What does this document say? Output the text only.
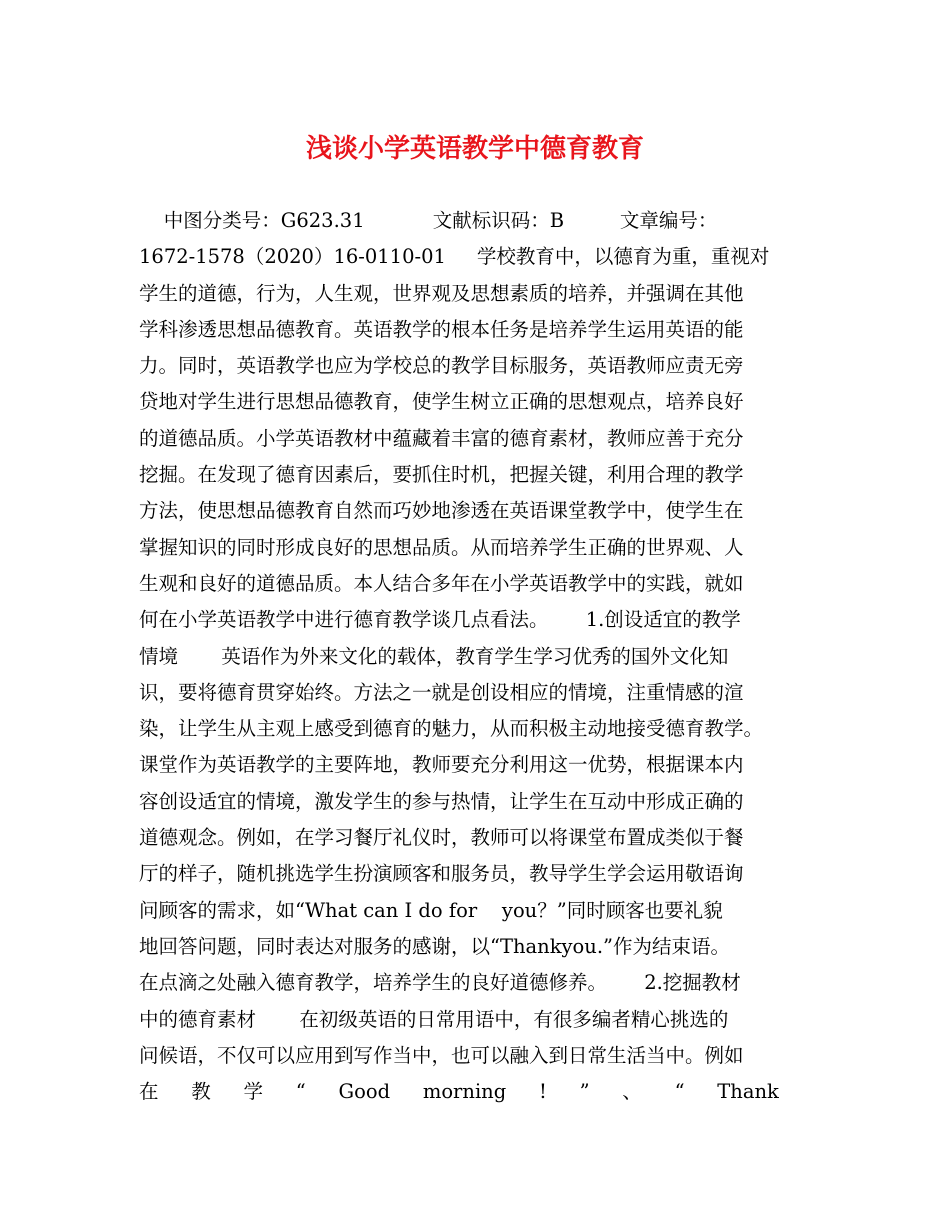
浅谈小学英语教学中德育教育
中图分类号：G623.31           文献标识码：B         文章编号：
1672-1578（2020）16-0110-01     学校教育中，以德育为重，重视对
学生的道德，行为，人生观，世界观及思想素质的培养，并强调在其他
学科渗透思想品德教育。英语教学的根本任务是培养学生运用英语的能
力。同时，英语教学也应为学校总的教学目标服务，英语教师应责无旁
贷地对学生进行思想品德教育，使学生树立正确的思想观点，培养良好
的道德品质。小学英语教材中蕴藏着丰富的德育素材，教师应善于充分
挖掘。在发现了德育因素后，要抓住时机，把握关键，利用合理的教学
方法，使思想品德教育自然而巧妙地渗透在英语课堂教学中，使学生在
掌握知识的同时形成良好的思想品质。从而培养学生正确的世界观、人
生观和良好的道德品质。本人结合多年在小学英语教学中的实践，就如
何在小学英语教学中进行德育教学谈几点看法。      1.创设适宜的教学
情境       英语作为外来文化的载体，教育学生学习优秀的国外文化知
识，要将德育贯穿始终。方法之一就是创设相应的情境，注重情感的渲
染，让学生从主观上感受到德育的魅力，从而积极主动地接受德育教学。
课堂作为英语教学的主要阵地，教师要充分利用这一优势，根据课本内
容创设适宜的情境，激发学生的参与热情，让学生在互动中形成正确的
道德观念。例如，在学习餐厅礼仪时，教师可以将课堂布置成类似于餐
厅的样子，随机挑选学生扮演顾客和服务员，教导学生学会运用敬语询
问顾客的需求，如“What can I do for    you？”同时顾客也要礼貌
地回答问题，同时表达对服务的感谢，以“Thankyou.”作为结束语。
在点滴之处融入德育教学，培养学生的良好道德修养。      2.挖掘教材
中的德育素材       在初级英语的日常用语中，有很多编者精心挑选的
问候语，不仅可以应用到写作当中，也可以融入到日常生活当中。例如
在 教 学 “ Good morning ! ” 、 “ Thank
